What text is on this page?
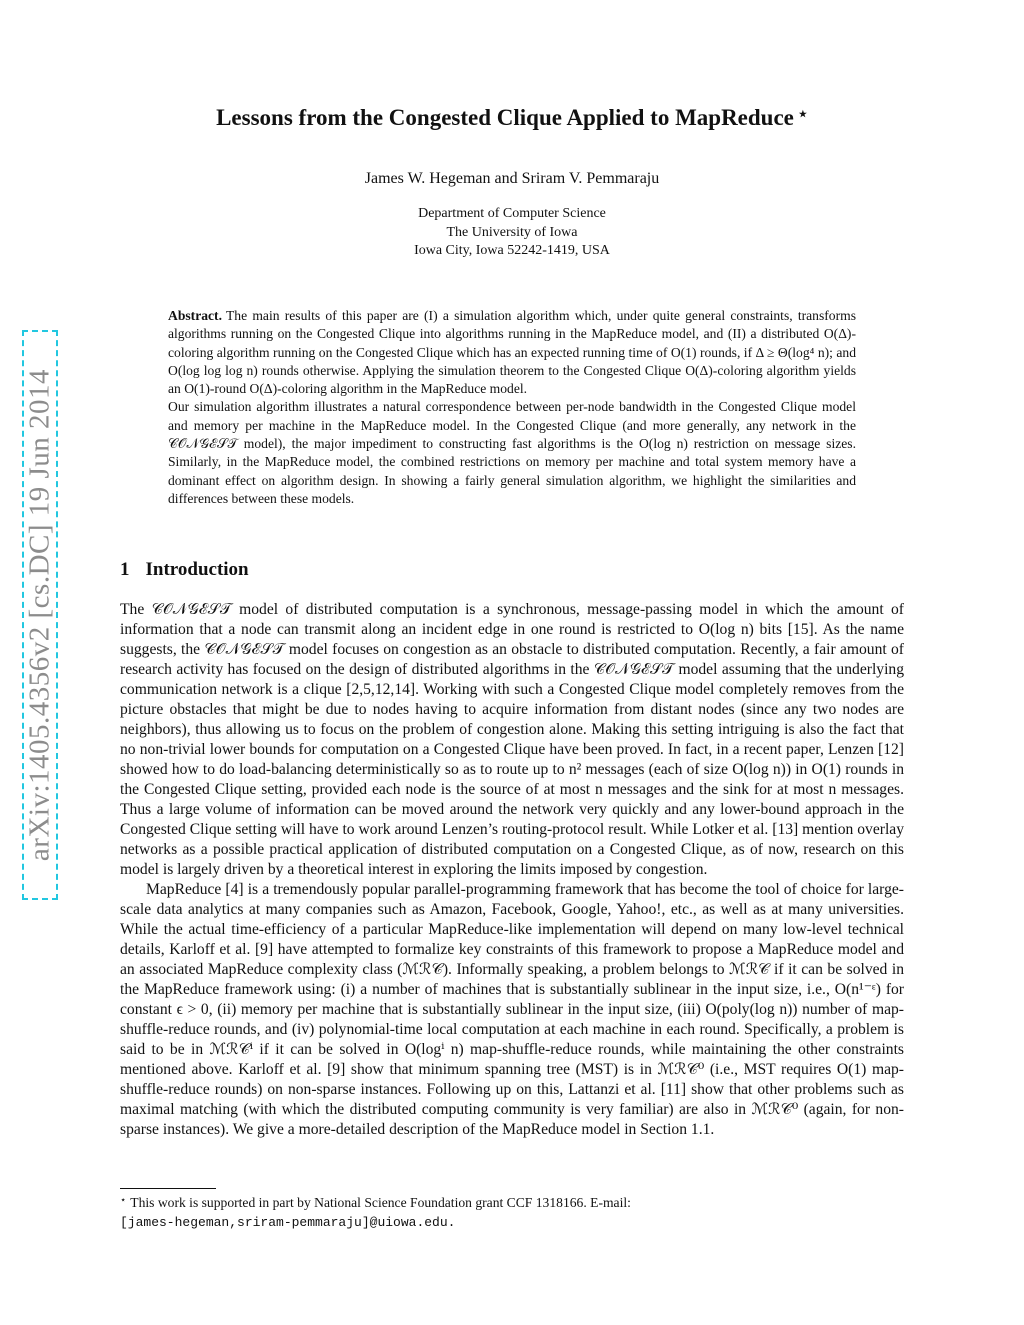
arXiv:1405.4356v2 [cs.DC] 19 Jun 2014
Lessons from the Congested Clique Applied to MapReduce ⋆
James W. Hegeman and Sriram V. Pemmaraju
Department of Computer Science
The University of Iowa
Iowa City, Iowa 52242-1419, USA

Abstract. The main results of this paper are (I) a simulation algorithm which, under quite general constraints, transforms algorithms running on the Congested Clique into algorithms running in the MapReduce model, and (II) a distributed O(Δ)-coloring algorithm running on the Congested Clique which has an expected running time of O(1) rounds, if Δ ≥ Θ(log⁴ n); and O(log log log n) rounds otherwise. Applying the simulation theorem to the Congested Clique O(Δ)-coloring algorithm yields an O(1)-round O(Δ)-coloring algorithm in the MapReduce model.

Our simulation algorithm illustrates a natural correspondence between per-node bandwidth in the Congested Clique model and memory per machine in the MapReduce model. In the Congested Clique (and more generally, any network in the 𝒞𝒪𝒩𝒢ℰ𝒮𝒯 model), the major impediment to constructing fast algorithms is the O(log n) restriction on message sizes. Similarly, in the MapReduce model, the combined restrictions on memory per machine and total system memory have a dominant effect on algorithm design. In showing a fairly general simulation algorithm, we highlight the similarities and differences between these models.

1 Introduction

The 𝒞𝒪𝒩𝒢ℰ𝒮𝒯 model of distributed computation is a synchronous, message-passing model in which the amount of information that a node can transmit along an incident edge in one round is restricted to O(log n) bits [15]. As the name suggests, the 𝒞𝒪𝒩𝒢ℰ𝒮𝒯 model focuses on congestion as an obstacle to distributed computation. Recently, a fair amount of research activity has focused on the design of distributed algorithms in the 𝒞𝒪𝒩𝒢ℰ𝒮𝒯 model assuming that the underlying communication network is a clique [2,5,12,14]. Working with such a Congested Clique model completely removes from the picture obstacles that might be due to nodes having to acquire information from distant nodes (since any two nodes are neighbors), thus allowing us to focus on the problem of congestion alone. Making this setting intriguing is also the fact that no non-trivial lower bounds for computation on a Congested Clique have been proved. In fact, in a recent paper, Lenzen [12] showed how to do load-balancing deterministically so as to route up to n² messages (each of size O(log n)) in O(1) rounds in the Congested Clique setting, provided each node is the source of at most n messages and the sink for at most n messages. Thus a large volume of information can be moved around the network very quickly and any lower-bound approach in the Congested Clique setting will have to work around Lenzen’s routing-protocol result. While Lotker et al. [13] mention overlay networks as a possible practical application of distributed computation on a Congested Clique, as of now, research on this model is largely driven by a theoretical interest in exploring the limits imposed by congestion.

MapReduce [4] is a tremendously popular parallel-programming framework that has become the tool of choice for large-scale data analytics at many companies such as Amazon, Facebook, Google, Yahoo!, etc., as well as at many universities. While the actual time-efficiency of a particular MapReduce-like implementation will depend on many low-level technical details, Karloff et al. [9] have attempted to formalize key constraints of this framework to propose a MapReduce model and an associated MapReduce complexity class (ℳℛ𝒞). Informally speaking, a problem belongs to ℳℛ𝒞 if it can be solved in the MapReduce framework using: (i) a number of machines that is substantially sublinear in the input size, i.e., O(n¹⁻ᵋ) for constant ϵ > 0, (ii) memory per machine that is substantially sublinear in the input size, (iii) O(poly(log n)) number of map-shuffle-reduce rounds, and (iv) polynomial-time local computation at each machine in each round. Specifically, a problem is said to be in ℳℛ𝒞ⁱ if it can be solved in O(logⁱ n) map-shuffle-reduce rounds, while maintaining the other constraints mentioned above. Karloff et al. [9] show that minimum spanning tree (MST) is in ℳℛ𝒞⁰ (i.e., MST requires O(1) map-shuffle-reduce rounds) on non-sparse instances. Following up on this, Lattanzi et al. [11] show that other problems such as maximal matching (with which the distributed computing community is very familiar) are also in ℳℛ𝒞⁰ (again, for non-sparse instances). We give a more-detailed description of the MapReduce model in Section 1.1.

⋆ This work is supported in part by National Science Foundation grant CCF 1318166. E-mail:
[james-hegeman,sriram-pemmaraju]@uiowa.edu.
